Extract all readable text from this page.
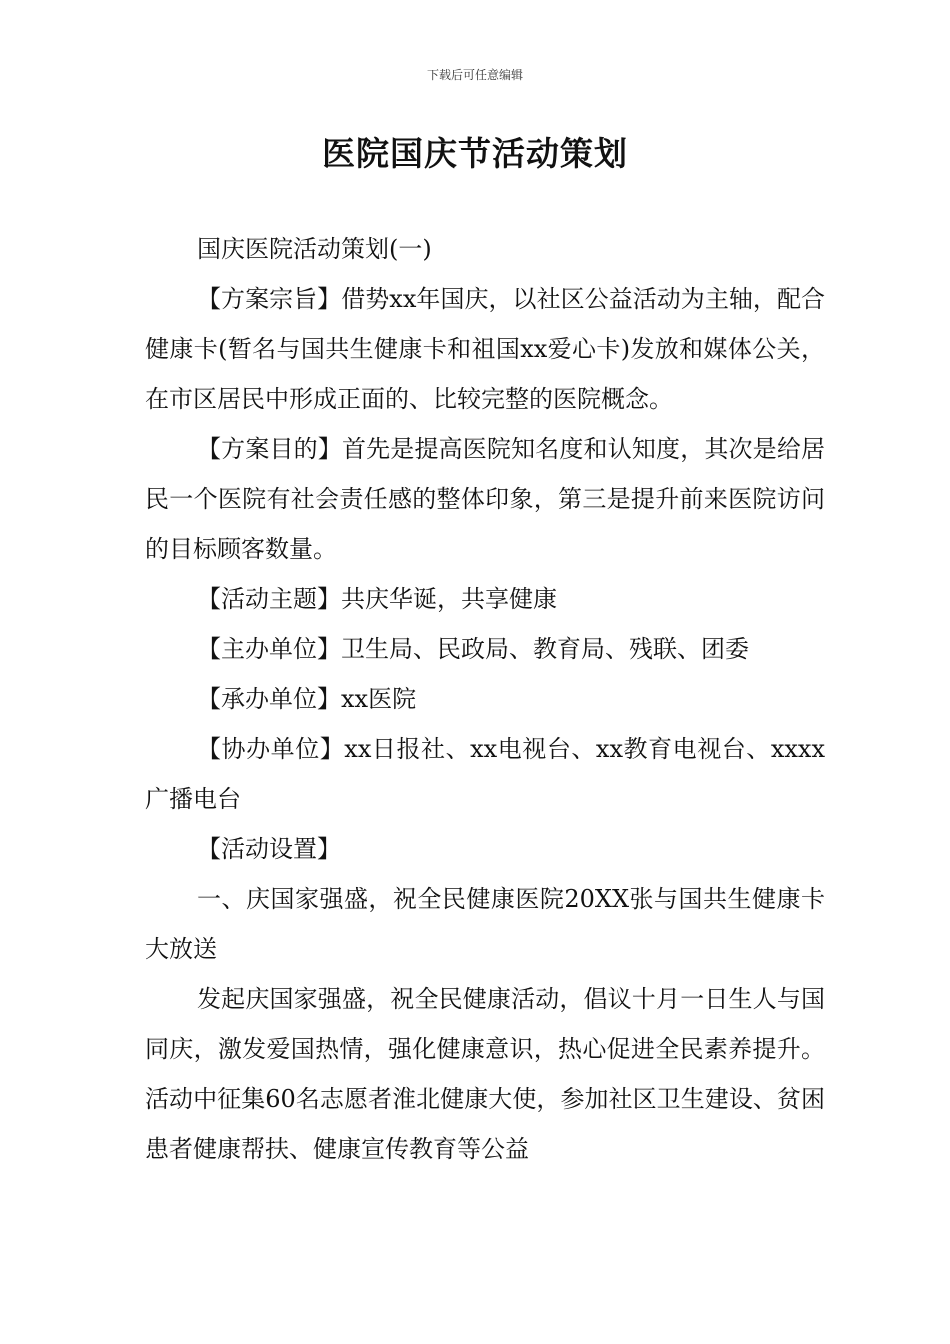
下载后可任意编辑
医院国庆节活动策划

国庆医院活动策划(一)

【方案宗旨】借势xx年国庆，以社区公益活动为主轴，配合健康卡(暂名与国共生健康卡和祖国xx爱心卡)发放和媒体公关，在市区居民中形成正面的、比较完整的医院概念。

【方案目的】首先是提高医院知名度和认知度，其次是给居民一个医院有社会责任感的整体印象，第三是提升前来医院访问的目标顾客数量。

【活动主题】共庆华诞，共享健康

【主办单位】卫生局、民政局、教育局、残联、团委

【承办单位】xx医院

【协办单位】xx日报社、xx电视台、xx教育电视台、xxxx广播电台

【活动设置】

一、庆国家强盛，祝全民健康医院20XX张与国共生健康卡大放送

发起庆国家强盛，祝全民健康活动，倡议十月一日生人与国同庆，激发爱国热情，强化健康意识，热心促进全民素养提升。活动中征集60名志愿者淮北健康大使，参加社区卫生建设、贫困患者健康帮扶、健康宣传教育等公益
